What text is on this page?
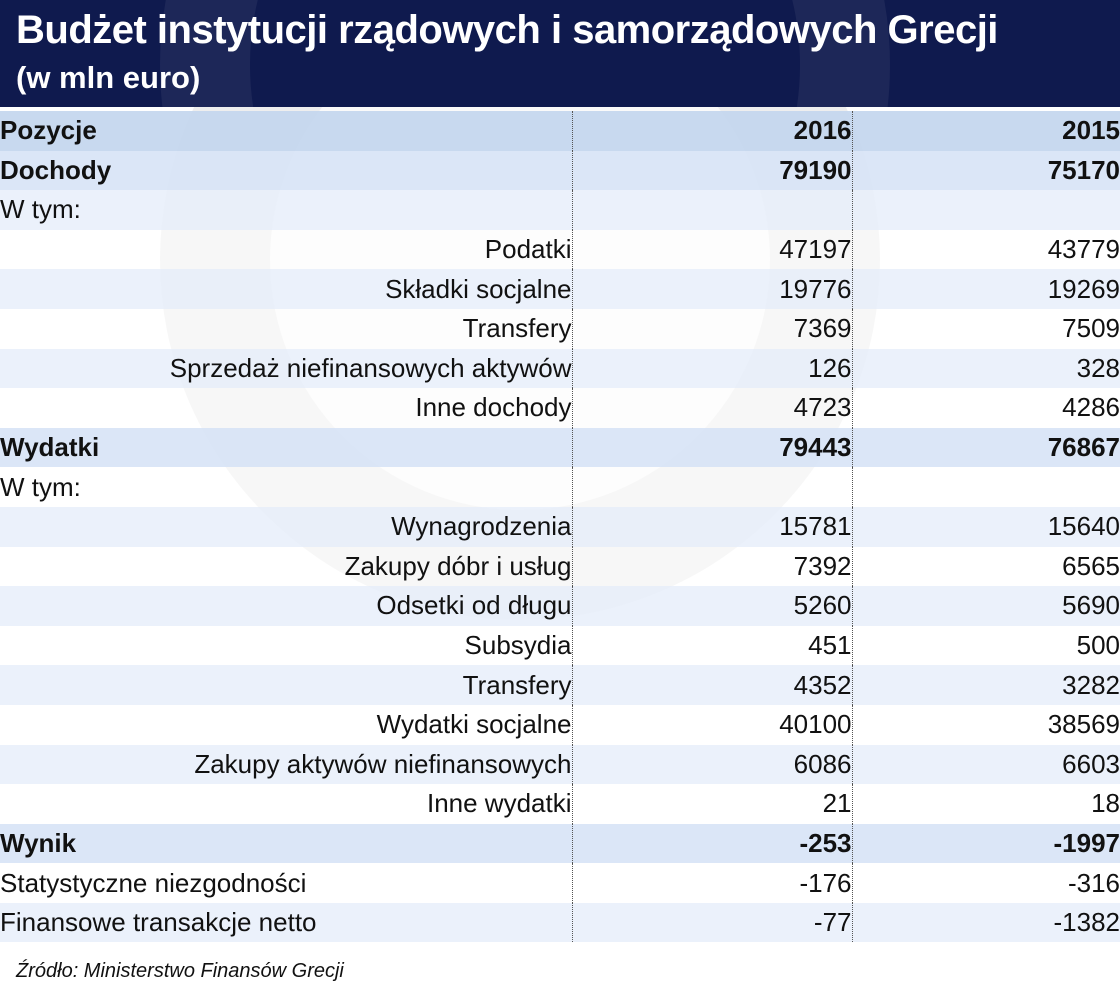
Budżet instytucji rządowych i samorządowych Grecji
(w mln euro)
Pozycje	2016	2015
Dochody	79190	75170
W tym:		
Podatki	47197	43779
Składki socjalne	19776	19269
Transfery	7369	7509
Sprzedaż niefinansowych aktywów	126	328
Inne dochody	4723	4286
Wydatki	79443	76867
W tym:		
Wynagrodzenia	15781	15640
Zakupy dóbr i usług	7392	6565
Odsetki od długu	5260	5690
Subsydia	451	500
Transfery	4352	3282
Wydatki socjalne	40100	38569
Zakupy aktywów niefinansowych	6086	6603
Inne wydatki	21	18
Wynik	-253	-1997
Statystyczne niezgodności	-176	-316
Finansowe transakcje netto	-77	-1382

Źródło: Ministerstwo Finansów Grecji
